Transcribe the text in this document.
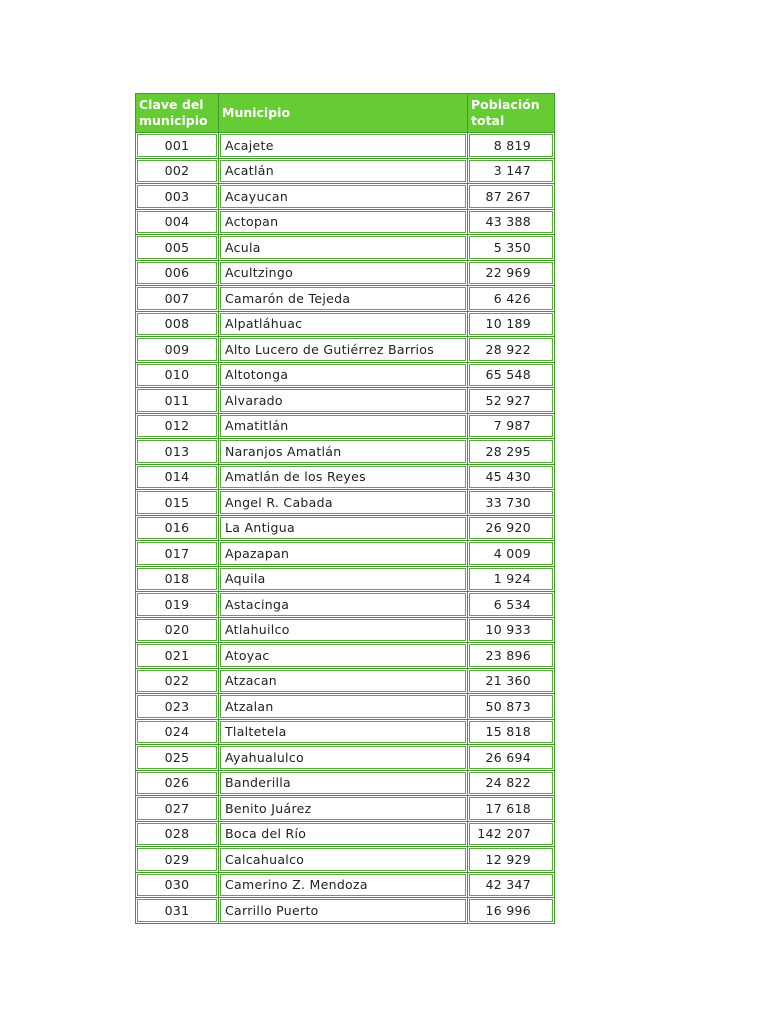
Clave del municipio	Municipio	Población total
001	Acajete	8 819
002	Acatlán	3 147
003	Acayucan	87 267
004	Actopan	43 388
005	Acula	5 350
006	Acultzingo	22 969
007	Camarón de Tejeda	6 426
008	Alpatláhuac	10 189
009	Alto Lucero de Gutiérrez Barrios	28 922
010	Altotonga	65 548
011	Alvarado	52 927
012	Amatitlán	7 987
013	Naranjos Amatlán	28 295
014	Amatlán de los Reyes	45 430
015	Angel R. Cabada	33 730
016	La Antigua	26 920
017	Apazapan	4 009
018	Aquila	1 924
019	Astacinga	6 534
020	Atlahuilco	10 933
021	Atoyac	23 896
022	Atzacan	21 360
023	Atzalan	50 873
024	Tlaltetela	15 818
025	Ayahualulco	26 694
026	Banderilla	24 822
027	Benito Juárez	17 618
028	Boca del Río	142 207
029	Calcahualco	12 929
030	Camerino Z. Mendoza	42 347
031	Carrillo Puerto	16 996
